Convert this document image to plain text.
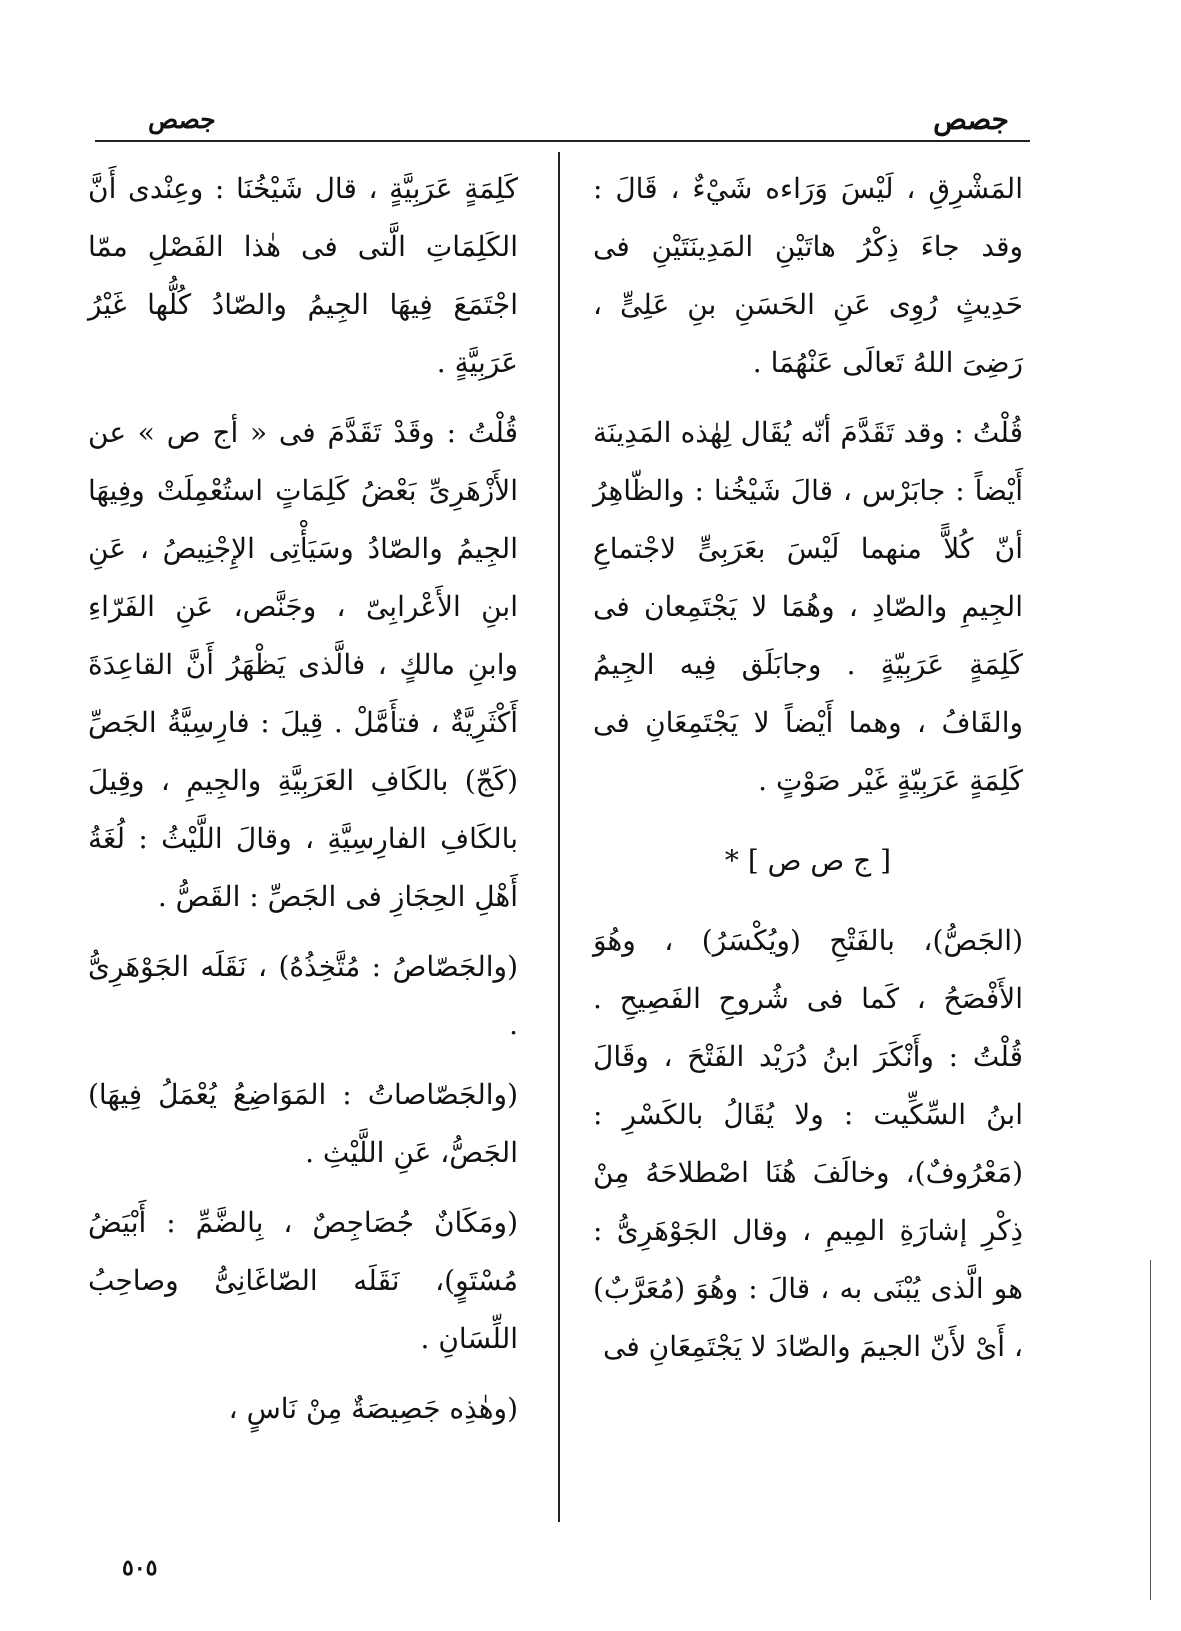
جصص
جصص

المَشْرِقِ ، لَيْسَ وَرَاءه شَيْءٌ ، قَالَ : وقد جاءَ ذِكْرُ هاتَيْنِ المَدِينَتَيْنِ فى حَدِيثٍ رُوِى عَنِ الحَسَنِ بنِ عَلِىٍّ ، رَضِىَ اللهُ تَعالَى عَنْهُمَا .

قُلْتُ : وقد تَقَدَّمَ أنّه يُقَال لِهٰذه المَدِينَة أَيْضاً : جابَرْس ، قالَ شَيْخُنا : والظّاهِرُ أنّ كُلاًّ منهما لَيْسَ بعَرَبِىٍّ لاجْتماعِ الجِيمِ والصّادِ ، وهُمَا لا يَجْتَمِعان فى كَلِمَةٍ عَرَبِيّةٍ . وجابَلَق فِيه الجِيمُ والقَافُ ، وهما أَيْضاً لا يَجْتَمِعَانِ فى كَلِمَةٍ عَرَبِيّةٍ غَيْر صَوْتٍ .

[ ج ص ص ] *

(الجَصُّ)، بالفَتْحِ (ويُكْسَرُ) ، وهُوَ الأَفْصَحُ ، كَما فى شُروحِ الفَصِيحِ . قُلْتُ : وأَنْكَرَ ابنُ دُرَيْد الفَتْحَ ، وقَالَ ابنُ السِّكِّيت : ولا يُقَالُ بالكَسْرِ : (مَعْرُوفٌ)، وخالَفَ هُنَا اصْطلاحَهُ مِنْ ذِكْرِ إشارَةِ المِيمِ ، وقال الجَوْهَرِىُّ : هو الَّذى يُبْنَى به ، قالَ : وهُوَ (مُعَرَّبٌ) ، أَىْ لأَنّ الجيمَ والصّادَ لا يَجْتَمِعَانِ فى

كَلِمَةٍ عَرَبِيَّةٍ ، قال شَيْخُنَا : وعِنْدى أَنَّ الكَلِمَاتِ الَّتى فى هٰذا الفَصْلِ ممّا اجْتَمَعَ فِيهَا الجِيمُ والصّادُ كُلُّها غَيْرُ عَرَبِيَّةٍ .

قُلْتُ : وقَدْ تَقَدَّمَ فى « أج ص » عن الأَزْهَرِىِّ بَعْضُ كَلِمَاتٍ استُعْمِلَتْ وفِيهَا الجِيمُ والصّادُ وسَيَأْتِى الإِجْنِيصُ ، عَنِ ابنِ الأَعْرابِىّ ، وجَنَّص، عَنِ الفَرّاءِ وابنِ مالكٍ ، فالَّذى يَظْهَرُ أَنَّ القاعِدَةَ أَكْثَرِيَّةٌ ، فتأَمَّلْ . قِيلَ : فارِسِيَّةُ الجَصِّ (كَجّ) بالكَافِ العَرَبِيَّةِ والجِيمِ ، وقِيلَ بالكَافِ الفارِسِيَّةِ ، وقالَ اللَّيْثُ : لُغَةُ أَهْلِ الحِجَازِ فى الجَصِّ : القَصُّ .

(والجَصّاصُ : مُتَّخِذُهُ) ، نَقَلَه الجَوْهَرِىُّ .

(والجَصّاصاتُ : المَوَاضِعُ يُعْمَلُ فِيهَا) الجَصُّ، عَنِ اللَّيْثِ .

(ومَكَانٌ جُصَاجِصٌ ، بِالضَّمِّ : أَبْيَضُ مُسْتَوٍ)، نَقَلَه الصّاغَانِىُّ وصاحِبُ اللِّسَانِ .

(وهٰذِه جَصِيصَةٌ مِنْ نَاسٍ ،

٥٠٥
